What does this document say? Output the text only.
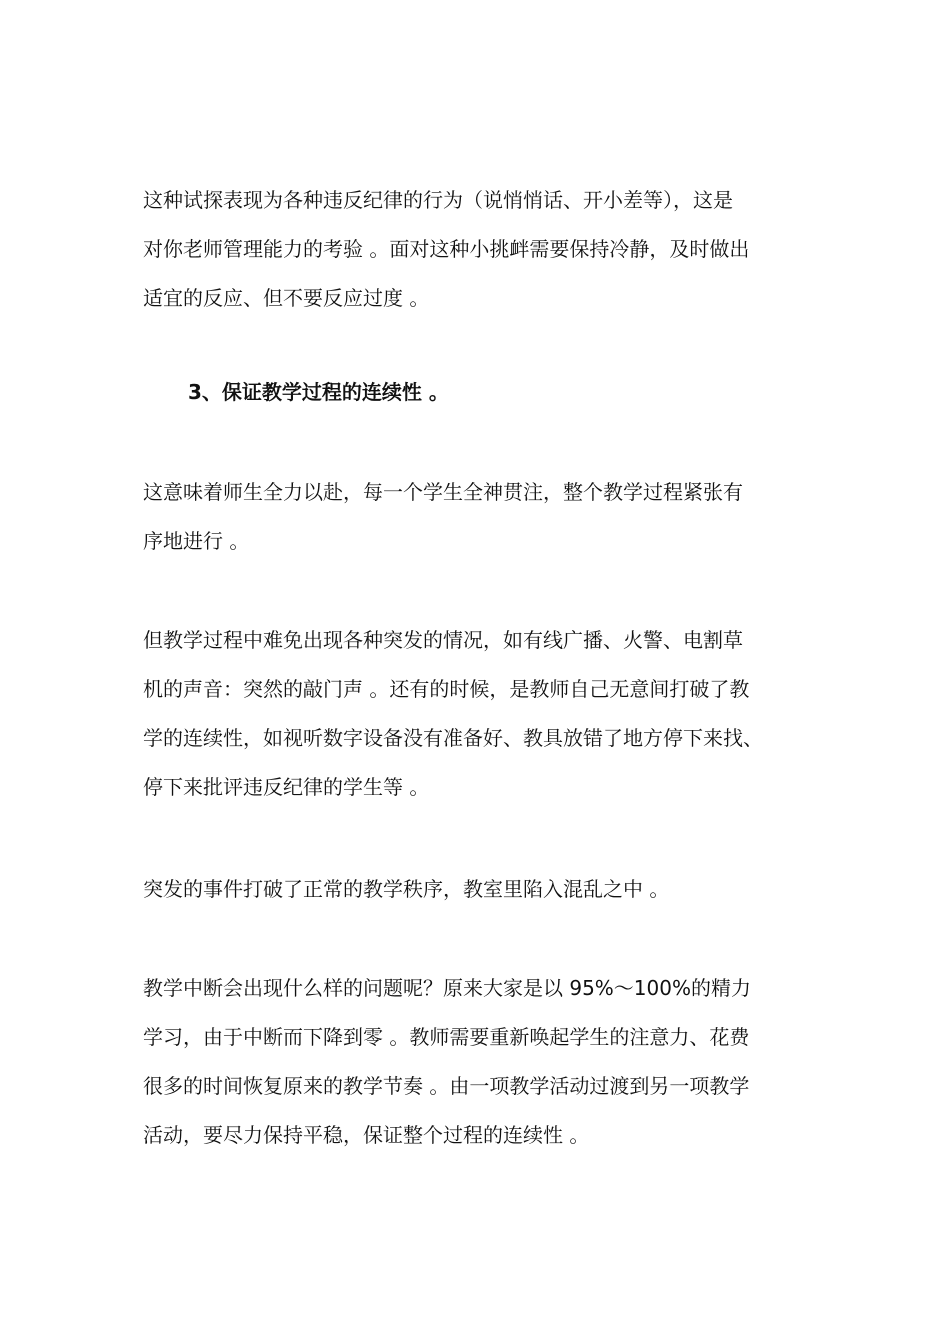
这种试探表现为各种违反纪律的行为（说悄悄话、开小差等），这是
对你老师管理能力的考验 。面对这种小挑衅需要保持冷静，及时做出
适宜的反应、但不要反应过度 。

3、保证教学过程的连续性 。

这意味着师生全力以赴，每一个学生全神贯注，整个教学过程紧张有
序地进行 。

但教学过程中难免出现各种突发的情况，如有线广播、火警、电割草
机的声音：突然的敲门声 。还有的时候，是教师自己无意间打破了教
学的连续性，如视听数字设备没有准备好、教具放错了地方停下来找、
停下来批评违反纪律的学生等 。

突发的事件打破了正常的教学秩序，教室里陷入混乱之中 。

教学中断会出现什么样的问题呢？原来大家是以 95%～100%的精力
学习，由于中断而下降到零 。教师需要重新唤起学生的注意力、花费
很多的时间恢复原来的教学节奏 。由一项教学活动过渡到另一项教学
活动，要尽力保持平稳，保证整个过程的连续性 。
